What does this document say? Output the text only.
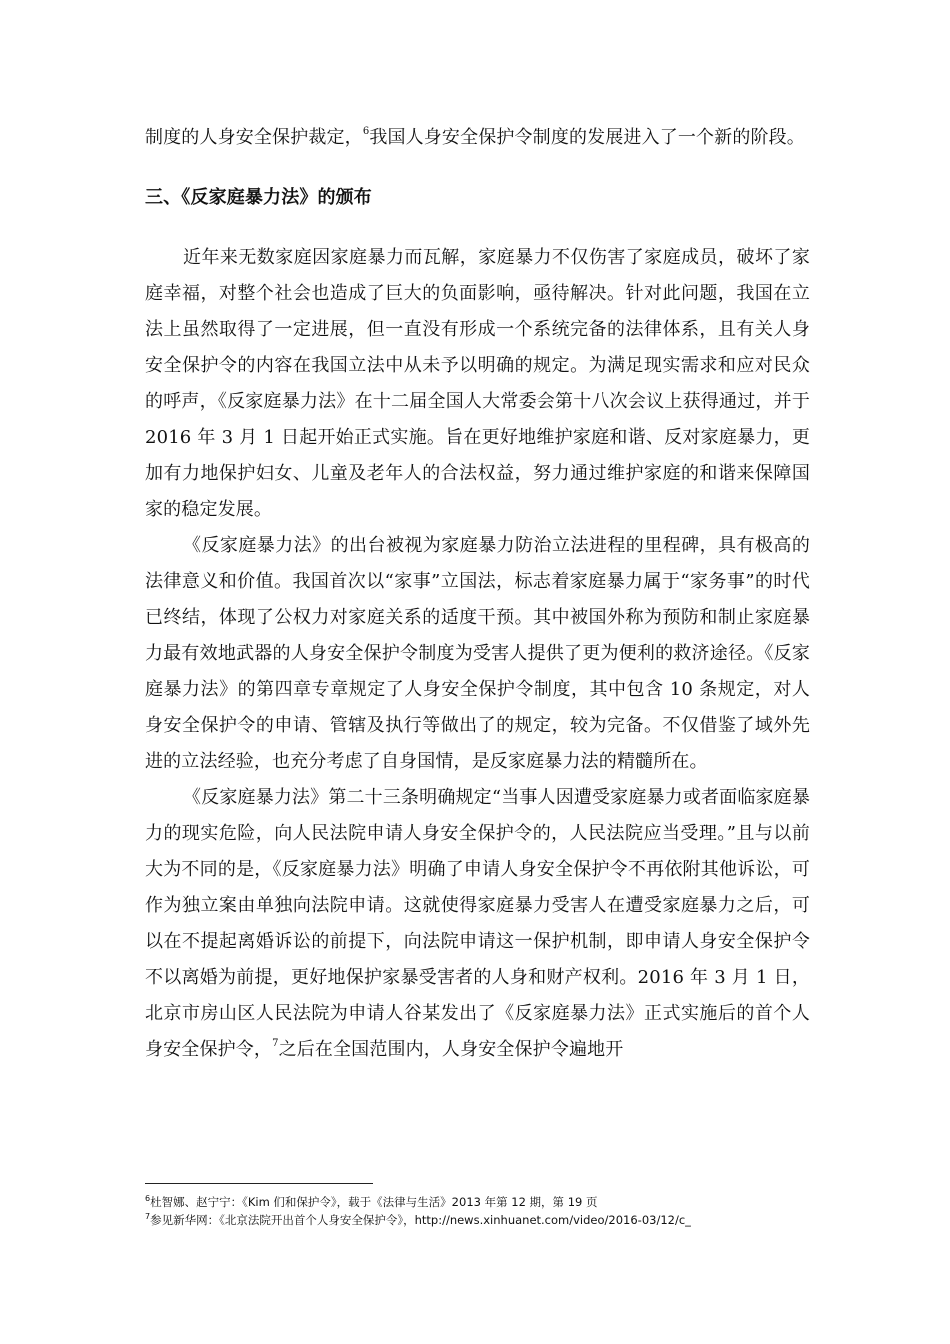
制度的人身安全保护裁定，$^6$我国人身安全保护令制度的发展进入了一个新的阶段。

三、《反家庭暴力法》的颁布

近年来无数家庭因家庭暴力而瓦解，家庭暴力不仅伤害了家庭成员，破坏了家庭幸福，对整个社会也造成了巨大的负面影响，亟待解决。针对此问题，我国在立法上虽然取得了一定进展，但一直没有形成一个系统完备的法律体系，且有关人身安全保护令的内容在我国立法中从未予以明确的规定。为满足现实需求和应对民众的呼声，《反家庭暴力法》在十二届全国人大常委会第十八次会议上获得通过，并于 2016 年 3 月 1 日起开始正式实施。旨在更好地维护家庭和谐、反对家庭暴力，更加有力地保护妇女、儿童及老年人的合法权益，努力通过维护家庭的和谐来保障国家的稳定发展。

《反家庭暴力法》的出台被视为家庭暴力防治立法进程的里程碑，具有极高的法律意义和价值。我国首次以“家事”立国法，标志着家庭暴力属于“家务事”的时代已终结，体现了公权力对家庭关系的适度干预。其中被国外称为预防和制止家庭暴力最有效地武器的人身安全保护令制度为受害人提供了更为便利的救济途径。《反家庭暴力法》的第四章专章规定了人身安全保护令制度，其中包含 10 条规定，对人身安全保护令的申请、管辖及执行等做出了的规定，较为完备。不仅借鉴了域外先进的立法经验，也充分考虑了自身国情，是反家庭暴力法的精髓所在。

《反家庭暴力法》第二十三条明确规定“当事人因遭受家庭暴力或者面临家庭暴力的现实危险，向人民法院申请人身安全保护令的，人民法院应当受理。”且与以前大为不同的是，《反家庭暴力法》明确了申请人身安全保护令不再依附其他诉讼，可作为独立案由单独向法院申请。这就使得家庭暴力受害人在遭受家庭暴力之后，可以在不提起离婚诉讼的前提下，向法院申请这一保护机制，即申请人身安全保护令不以离婚为前提，更好地保护家暴受害者的人身和财产权利。2016 年 3 月 1 日，北京市房山区人民法院为申请人谷某发出了《反家庭暴力法》正式实施后的首个人身安全保护令，$^7$之后在全国范围内，人身安全保护令遍地开

$^6$杜智娜、赵宁宁：《Kim 们和保护令》，载于《法律与生活》2013 年第 12 期，第 19 页

$^7$参见新华网：《北京法院开出首个人身安全保护令》，http://news.xinhuanet.com/video/2016-03/12/c_
